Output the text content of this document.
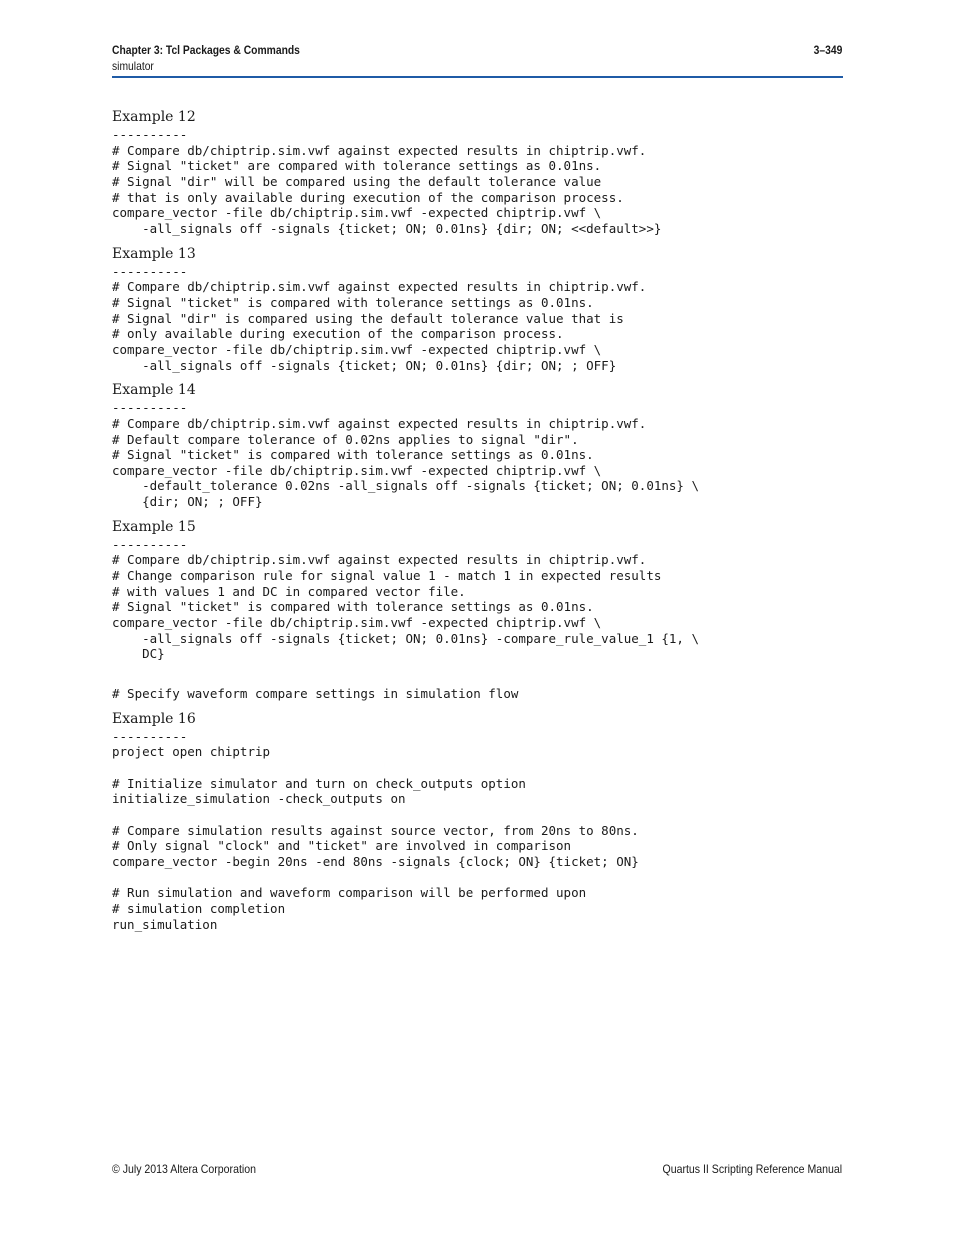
Chapter 3: Tcl Packages & Commands
simulator
3–349

Example 12

----------
# Compare db/chiptrip.sim.vwf against expected results in chiptrip.vwf.
# Signal "ticket" are compared with tolerance settings as 0.01ns.
# Signal "dir" will be compared using the default tolerance value
# that is only available during execution of the comparison process.
compare_vector -file db/chiptrip.sim.vwf -expected chiptrip.vwf \
-all_signals off -signals {ticket; ON; 0.01ns} {dir; ON; <<default>>}

Example 13

----------
# Compare db/chiptrip.sim.vwf against expected results in chiptrip.vwf.
# Signal "ticket" is compared with tolerance settings as 0.01ns.
# Signal "dir" is compared using the default tolerance value that is
# only available during execution of the comparison process.
compare_vector -file db/chiptrip.sim.vwf -expected chiptrip.vwf \
-all_signals off -signals {ticket; ON; 0.01ns} {dir; ON; ; OFF}

Example 14

----------
# Compare db/chiptrip.sim.vwf against expected results in chiptrip.vwf.
# Default compare tolerance of 0.02ns applies to signal "dir".
# Signal "ticket" is compared with tolerance settings as 0.01ns.
compare_vector -file db/chiptrip.sim.vwf -expected chiptrip.vwf \
-default_tolerance 0.02ns -all_signals off -signals {ticket; ON; 0.01ns} \
{dir; ON; ; OFF}

Example 15

----------
# Compare db/chiptrip.sim.vwf against expected results in chiptrip.vwf.
# Change comparison rule for signal value 1 - match 1 in expected results
# with values 1 and DC in compared vector file.
# Signal "ticket" is compared with tolerance settings as 0.01ns.
compare_vector -file db/chiptrip.sim.vwf -expected chiptrip.vwf \
-all_signals off -signals {ticket; ON; 0.01ns} -compare_rule_value_1 {1, \
DC}
# Specify waveform compare settings in simulation flow

Example 16

----------
project open chiptrip

# Initialize simulator and turn on check_outputs option
initialize_simulation -check_outputs on

# Compare simulation results against source vector, from 20ns to 80ns.
# Only signal "clock" and "ticket" are involved in comparison
compare_vector -begin 20ns -end 80ns -signals {clock; ON} {ticket; ON}

# Run simulation and waveform comparison will be performed upon
# simulation completion
run_simulation
© July 2013 Altera Corporation	Quartus II Scripting Reference Manual
